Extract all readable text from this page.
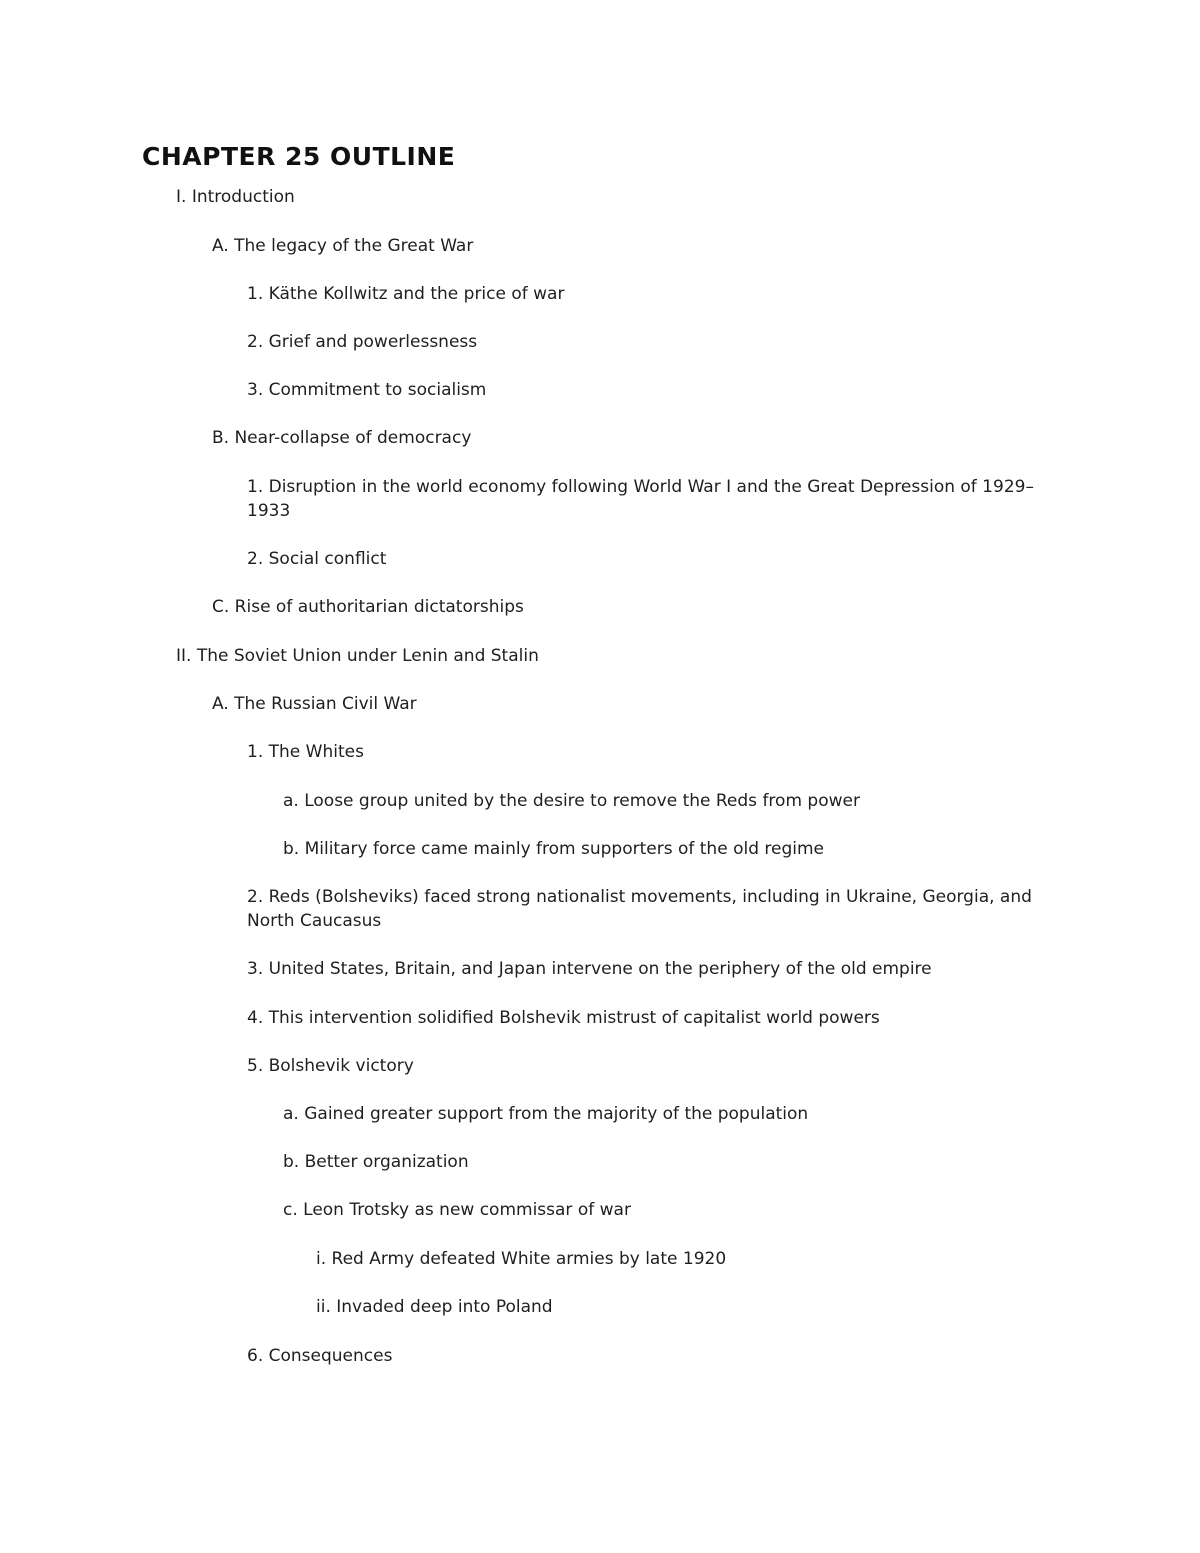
CHAPTER 25 OUTLINE
I. Introduction
A. The legacy of the Great War
1. Käthe Kollwitz and the price of war
2. Grief and powerlessness
3. Commitment to socialism
B. Near-collapse of democracy
1. Disruption in the world economy following World War I and the Great Depression of 1929–1933
2. Social conflict
C. Rise of authoritarian dictatorships
II. The Soviet Union under Lenin and Stalin
A. The Russian Civil War
1. The Whites
a. Loose group united by the desire to remove the Reds from power
b. Military force came mainly from supporters of the old regime
2. Reds (Bolsheviks) faced strong nationalist movements, including in Ukraine, Georgia, and North Caucasus
3. United States, Britain, and Japan intervene on the periphery of the old empire
4. This intervention solidified Bolshevik mistrust of capitalist world powers
5. Bolshevik victory
a. Gained greater support from the majority of the population
b. Better organization
c. Leon Trotsky as new commissar of war
i. Red Army defeated White armies by late 1920
ii. Invaded deep into Poland
6. Consequences
